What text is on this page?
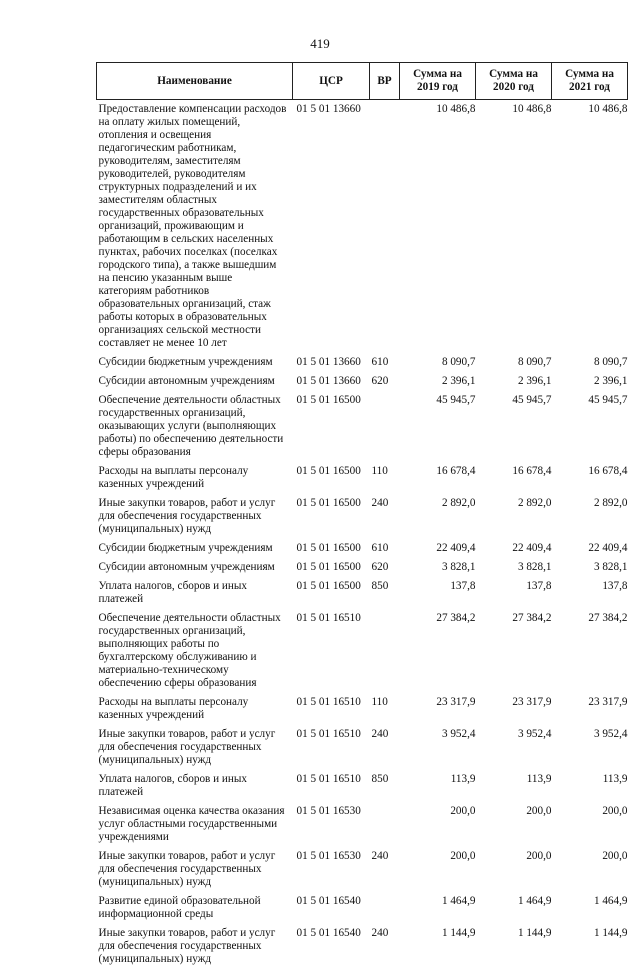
419
Наименование	ЦСР	ВР	Сумма на 2019 год	Сумма на 2020 год	Сумма на 2021 год
Предоставление компенсации расходов на оплату жилых помещений, отопления и освещения педагогическим работникам, руководителям, заместителям руководителей, руководителям структурных подразделений и их заместителям областных государственных образовательных организаций, проживающим и работающим в сельских населенных пунктах, рабочих поселках (поселках городского типа), а также вышедшим на пенсию указанным выше категориям работников образовательных организаций, стаж работы которых в образовательных организациях сельской местности составляет не менее 10 лет	01 5 01 13660		10 486,8	10 486,8	10 486,8
Субсидии бюджетным учреждениям	01 5 01 13660	610	8 090,7	8 090,7	8 090,7
Субсидии автономным учреждениям	01 5 01 13660	620	2 396,1	2 396,1	2 396,1
Обеспечение деятельности областных государственных организаций, оказывающих услуги (выполняющих работы) по обеспечению деятельности сферы образования	01 5 01 16500		45 945,7	45 945,7	45 945,7
Расходы на выплаты персоналу казенных учреждений	01 5 01 16500	110	16 678,4	16 678,4	16 678,4
Иные закупки товаров, работ и услуг для обеспечения государственных (муниципальных) нужд	01 5 01 16500	240	2 892,0	2 892,0	2 892,0
Субсидии бюджетным учреждениям	01 5 01 16500	610	22 409,4	22 409,4	22 409,4
Субсидии автономным учреждениям	01 5 01 16500	620	3 828,1	3 828,1	3 828,1
Уплата налогов, сборов и иных платежей	01 5 01 16500	850	137,8	137,8	137,8
Обеспечение деятельности областных государственных организаций, выполняющих работы по бухгалтерскому обслуживанию и материально-техническому обеспечению сферы образования	01 5 01 16510		27 384,2	27 384,2	27 384,2
Расходы на выплаты персоналу казенных учреждений	01 5 01 16510	110	23 317,9	23 317,9	23 317,9
Иные закупки товаров, работ и услуг для обеспечения государственных (муниципальных) нужд	01 5 01 16510	240	3 952,4	3 952,4	3 952,4
Уплата налогов, сборов и иных платежей	01 5 01 16510	850	113,9	113,9	113,9
Независимая оценка качества оказания услуг областными государственными учреждениями	01 5 01 16530		200,0	200,0	200,0
Иные закупки товаров, работ и услуг для обеспечения государственных (муниципальных) нужд	01 5 01 16530	240	200,0	200,0	200,0
Развитие единой образовательной информационной среды	01 5 01 16540		1 464,9	1 464,9	1 464,9
Иные закупки товаров, работ и услуг для обеспечения государственных (муниципальных) нужд	01 5 01 16540	240	1 144,9	1 144,9	1 144,9
